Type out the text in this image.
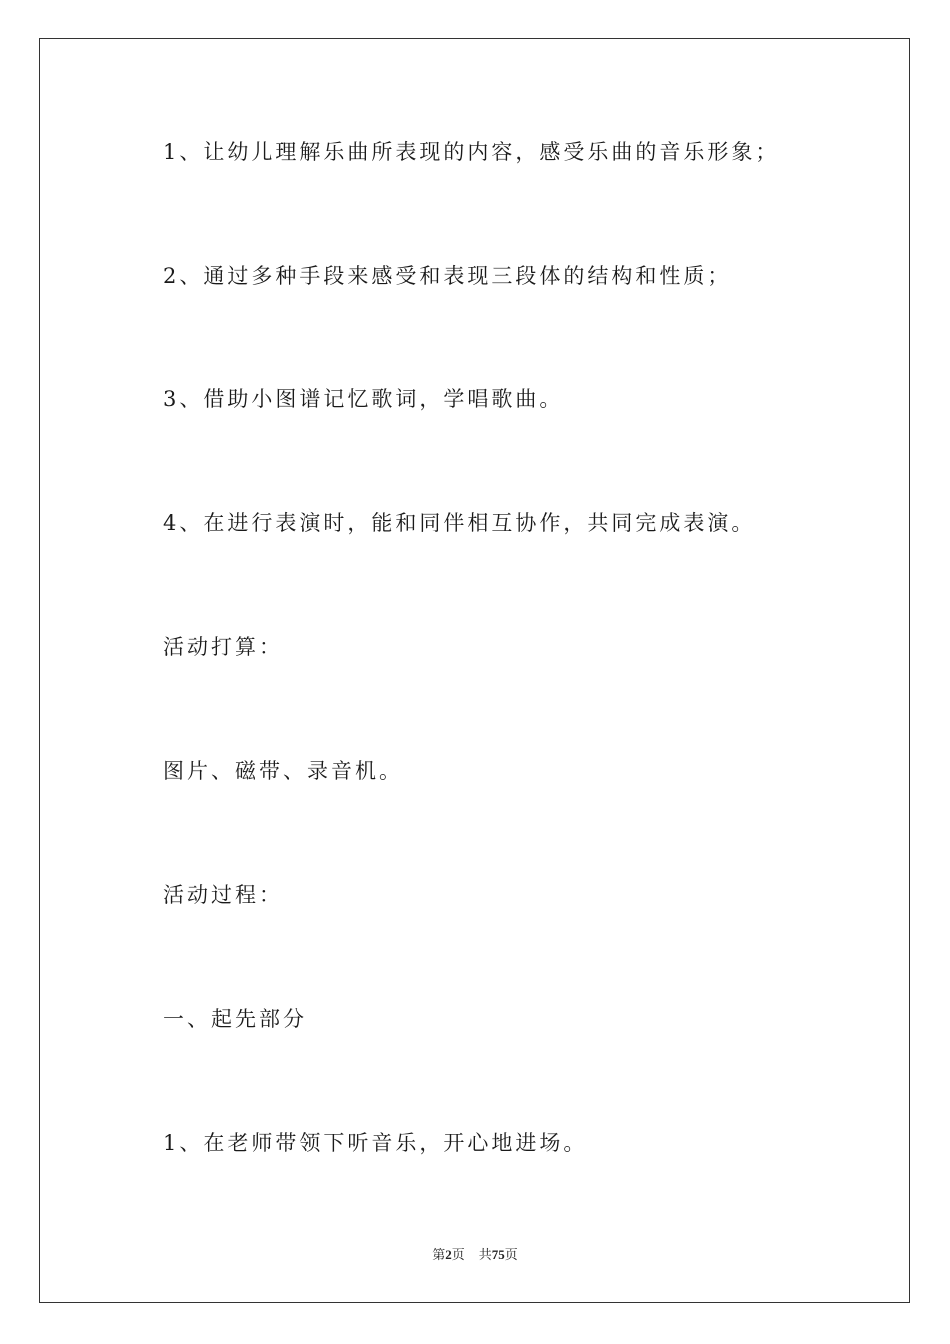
1、让幼儿理解乐曲所表现的内容，感受乐曲的音乐形象；
2、通过多种手段来感受和表现三段体的结构和性质；
3、借助小图谱记忆歌词，学唱歌曲。
4、在进行表演时，能和同伴相互协作，共同完成表演。
活动打算：
图片、磁带、录音机。
活动过程：
一、起先部分
1、在老师带领下听音乐，开心地进场。
第2页 共75页
